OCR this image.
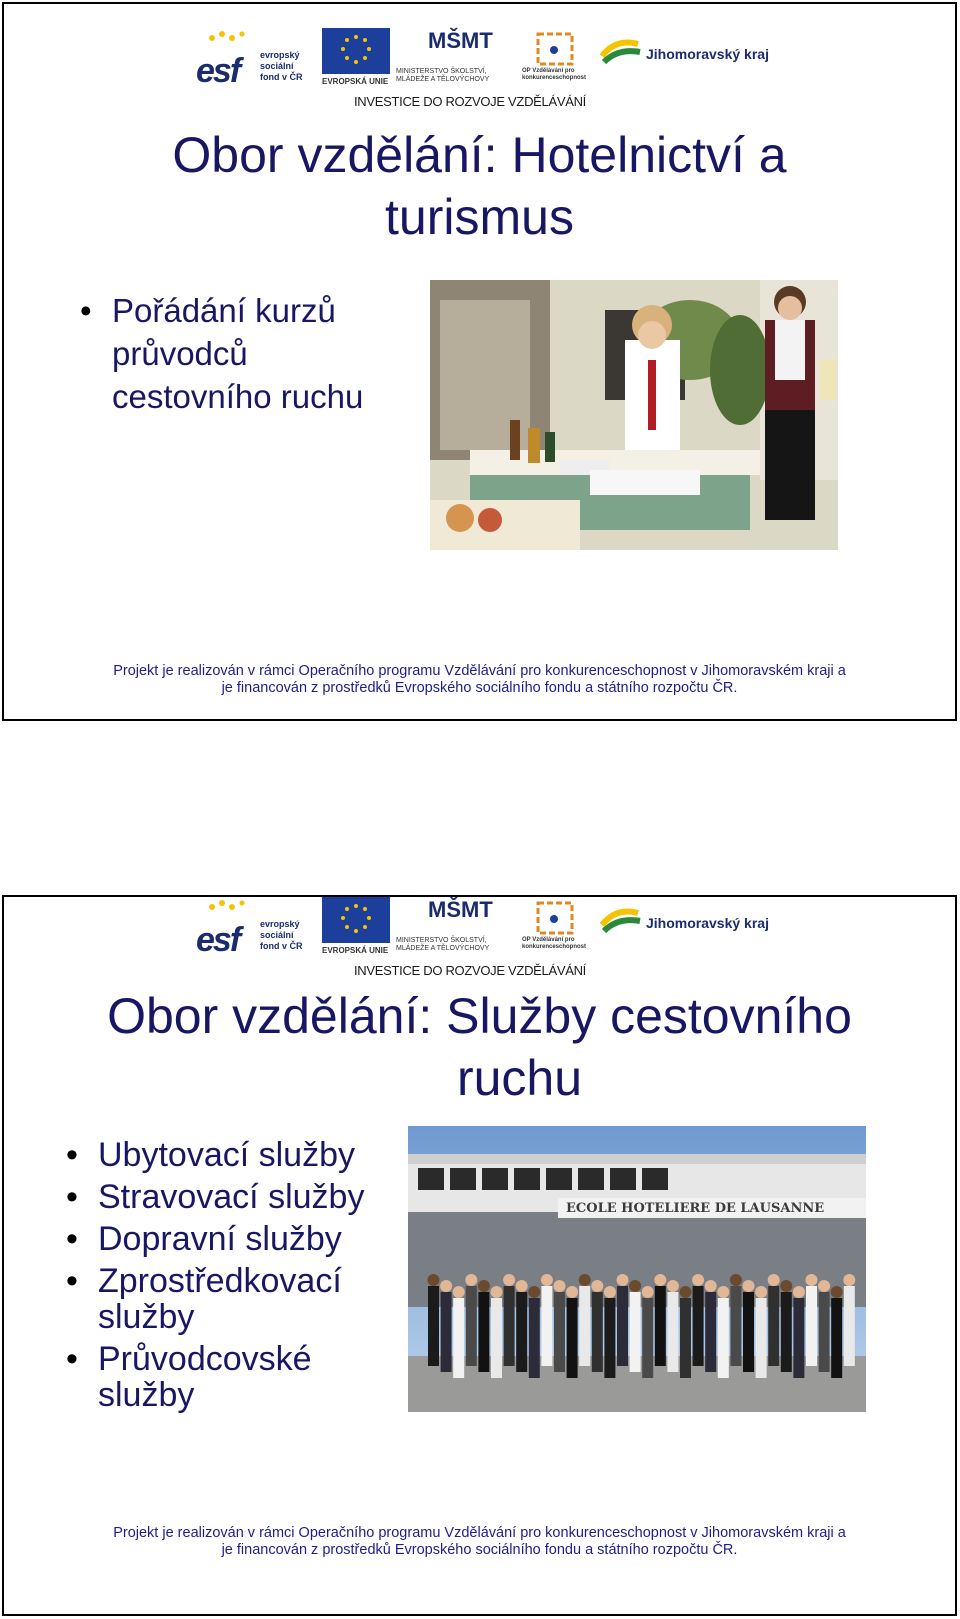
esf evropský sociální fond v ČR	EVROPSKÁ UNIE
MŠMT
MINISTERSTVO ŠKOLSTVÍ, MLÁDEŽE A TĚLOVÝCHOVY
OP Vzdělávání pro konkurenceschopnost
Jihomoravský kraj
INVESTICE DO ROZVOJE VZDĚLÁVÁNÍ
Obor vzdělání: Hotelnictví a
turismus
• Pořádání kurzů průvodců cestovního ruchu
Projekt je realizován v rámci Operačního programu Vzdělávání pro konkurenceschopnost v Jihomoravském kraji a
je financován z prostředků Evropského sociálního fondu a státního rozpočtu ČR.
esf evropský sociální fond v ČR	EVROPSKÁ UNIE
MŠMT
MINISTERSTVO ŠKOLSTVÍ, MLÁDEŽE A TĚLOVÝCHOVY
OP Vzdělávání pro konkurenceschopnost
Jihomoravský kraj
INVESTICE DO ROZVOJE VZDĚLÁVÁNÍ
Obor vzdělání: Služby cestovního
ruchu
• Ubytovací služby
• Stravovací služby
• Dopravní služby
• Zprostředkovací služby
• Průvodcovské služby
ECOLE HOTELIERE DE LAUSANNE
Projekt je realizován v rámci Operačního programu Vzdělávání pro konkurenceschopnost v Jihomoravském kraji a
je financován z prostředků Evropského sociálního fondu a státního rozpočtu ČR.
